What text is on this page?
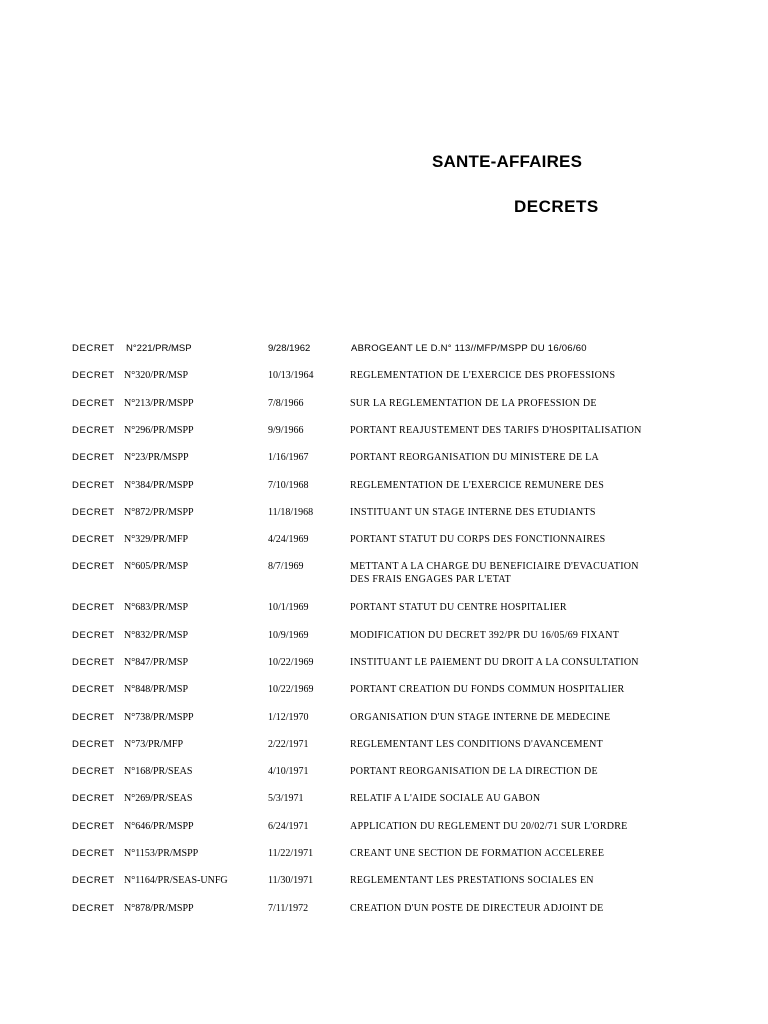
SANTE-AFFAIRES
DECRETS
DECRET N°221/PR/MSP	9/28/1962	ABROGEANT LE D.N° 113//MFP/MSPP DU 16/06/60
DECRET N°320/PR/MSP	10/13/1964	REGLEMENTATION DE L'EXERCICE DES PROFESSIONS
DECRET N°213/PR/MSPP	7/8/1966	SUR LA REGLEMENTATION DE LA PROFESSION DE
DECRET N°296/PR/MSPP	9/9/1966	PORTANT REAJUSTEMENT DES TARIFS D'HOSPITALISATION
DECRET N°23/PR/MSPP	1/16/1967	PORTANT REORGANISATION DU MINISTERE DE LA
DECRET N°384/PR/MSPP	7/10/1968	REGLEMENTATION DE L'EXERCICE REMUNERE DES
DECRET N°872/PR/MSPP	11/18/1968	INSTITUANT UN STAGE INTERNE DES ETUDIANTS
DECRET N°329/PR/MFP	4/24/1969	PORTANT STATUT DU CORPS DES FONCTIONNAIRES
DECRET N°605/PR/MSP	8/7/1969	METTANT A LA CHARGE DU BENEFICIAIRE D'EVACUATION
DES FRAIS ENGAGES PAR L'ETAT
DECRET N°683/PR/MSP	10/1/1969	PORTANT STATUT DU CENTRE HOSPITALIER
DECRET N°832/PR/MSP	10/9/1969	MODIFICATION DU DECRET 392/PR DU 16/05/69 FIXANT
DECRET N°847/PR/MSP	10/22/1969	INSTITUANT LE PAIEMENT DU DROIT A LA CONSULTATION
DECRET N°848/PR/MSP	10/22/1969	PORTANT CREATION DU FONDS COMMUN HOSPITALIER
DECRET N°738/PR/MSPP	1/12/1970	ORGANISATION D'UN STAGE INTERNE DE MEDECINE
DECRET N°73/PR/MFP	2/22/1971	REGLEMENTANT LES CONDITIONS D'AVANCEMENT
DECRET N°168/PR/SEAS	4/10/1971	PORTANT REORGANISATION DE LA DIRECTION DE
DECRET N°269/PR/SEAS	5/3/1971	RELATIF A L'AIDE SOCIALE AU GABON
DECRET N°646/PR/MSPP	6/24/1971	APPLICATION DU REGLEMENT DU 20/02/71 SUR L'ORDRE
DECRET N°1153/PR/MSPP	11/22/1971	CREANT UNE SECTION DE FORMATION ACCELEREE
DECRET N°1164/PR/SEAS-UNFG	11/30/1971	REGLEMENTANT LES PRESTATIONS SOCIALES EN
DECRET N°878/PR/MSPP	7/11/1972	CREATION D'UN POSTE DE DIRECTEUR ADJOINT DE
